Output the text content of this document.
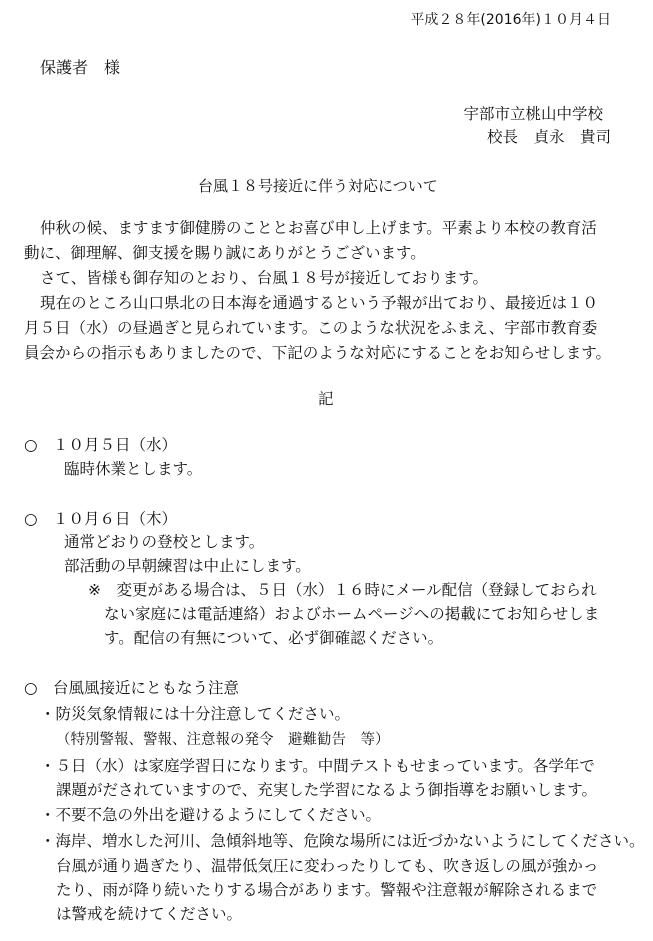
平成２８年(2016年)１０月４日

保護者　様

宇部市立桃山中学校

校長　貞永　貴司

台風１８号接近に伴う対応について

仲秋の候、ますます御健勝のこととお喜び申し上げます。平素より本校の教育活

動に、御理解、御支援を賜り誠にありがとうございます。

さて、皆様も御存知のとおり、台風１８号が接近しております。

現在のところ山口県北の日本海を通過するという予報が出ており、最接近は１０

月５日（水）の昼過ぎと見られています。このような状況をふまえ、宇部市教育委

員会からの指示もありましたので、下記のような対応にすることをお知らせします。

記

○　１０月５日（水）

臨時休業とします。

○　１０月６日（木）

通常どおりの登校とします。

部活動の早朝練習は中止にします。

※　変更がある場合は、５日（水）１６時にメール配信（登録しておられ

ない家庭には電話連絡）およびホームページへの掲載にてお知らせしま

す。配信の有無について、必ず御確認ください。

○　台風風接近にともなう注意

・防災気象情報には十分注意してください。

（特別警報、警報、注意報の発令　避難勧告　等）

・５日（水）は家庭学習日になります。中間テストもせまっています。各学年で

課題がだされていますので、充実した学習になるよう御指導をお願いします。

・不要不急の外出を避けるようにしてください。

・海岸、増水した河川、急傾斜地等、危険な場所には近づかないようにしてください。

台風が通り過ぎたり、温帯低気圧に変わったりしても、吹き返しの風が強かっ

たり、雨が降り続いたりする場合があります。警報や注意報が解除されるまで

は警戒を続けてください。
